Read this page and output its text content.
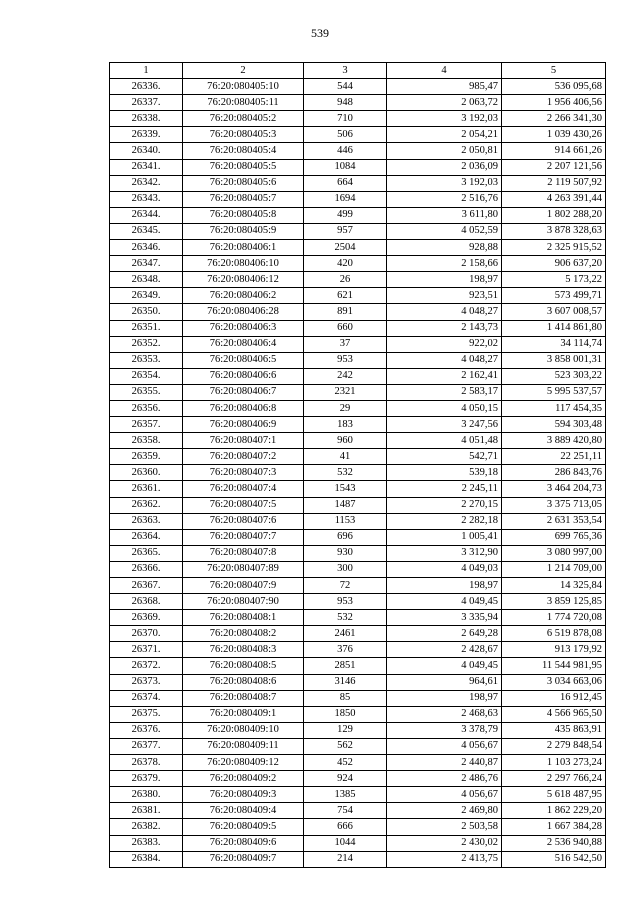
539
1	2	3	4	5
26336.	76:20:080405:10	544	985,47	536 095,68
26337.	76:20:080405:11	948	2 063,72	1 956 406,56
26338.	76:20:080405:2	710	3 192,03	2 266 341,30
26339.	76:20:080405:3	506	2 054,21	1 039 430,26
26340.	76:20:080405:4	446	2 050,81	914 661,26
26341.	76:20:080405:5	1084	2 036,09	2 207 121,56
26342.	76:20:080405:6	664	3 192,03	2 119 507,92
26343.	76:20:080405:7	1694	2 516,76	4 263 391,44
26344.	76:20:080405:8	499	3 611,80	1 802 288,20
26345.	76:20:080405:9	957	4 052,59	3 878 328,63
26346.	76:20:080406:1	2504	928,88	2 325 915,52
26347.	76:20:080406:10	420	2 158,66	906 637,20
26348.	76:20:080406:12	26	198,97	5 173,22
26349.	76:20:080406:2	621	923,51	573 499,71
26350.	76:20:080406:28	891	4 048,27	3 607 008,57
26351.	76:20:080406:3	660	2 143,73	1 414 861,80
26352.	76:20:080406:4	37	922,02	34 114,74
26353.	76:20:080406:5	953	4 048,27	3 858 001,31
26354.	76:20:080406:6	242	2 162,41	523 303,22
26355.	76:20:080406:7	2321	2 583,17	5 995 537,57
26356.	76:20:080406:8	29	4 050,15	117 454,35
26357.	76:20:080406:9	183	3 247,56	594 303,48
26358.	76:20:080407:1	960	4 051,48	3 889 420,80
26359.	76:20:080407:2	41	542,71	22 251,11
26360.	76:20:080407:3	532	539,18	286 843,76
26361.	76:20:080407:4	1543	2 245,11	3 464 204,73
26362.	76:20:080407:5	1487	2 270,15	3 375 713,05
26363.	76:20:080407:6	1153	2 282,18	2 631 353,54
26364.	76:20:080407:7	696	1 005,41	699 765,36
26365.	76:20:080407:8	930	3 312,90	3 080 997,00
26366.	76:20:080407:89	300	4 049,03	1 214 709,00
26367.	76:20:080407:9	72	198,97	14 325,84
26368.	76:20:080407:90	953	4 049,45	3 859 125,85
26369.	76:20:080408:1	532	3 335,94	1 774 720,08
26370.	76:20:080408:2	2461	2 649,28	6 519 878,08
26371.	76:20:080408:3	376	2 428,67	913 179,92
26372.	76:20:080408:5	2851	4 049,45	11 544 981,95
26373.	76:20:080408:6	3146	964,61	3 034 663,06
26374.	76:20:080408:7	85	198,97	16 912,45
26375.	76:20:080409:1	1850	2 468,63	4 566 965,50
26376.	76:20:080409:10	129	3 378,79	435 863,91
26377.	76:20:080409:11	562	4 056,67	2 279 848,54
26378.	76:20:080409:12	452	2 440,87	1 103 273,24
26379.	76:20:080409:2	924	2 486,76	2 297 766,24
26380.	76:20:080409:3	1385	4 056,67	5 618 487,95
26381.	76:20:080409:4	754	2 469,80	1 862 229,20
26382.	76:20:080409:5	666	2 503,58	1 667 384,28
26383.	76:20:080409:6	1044	2 430,02	2 536 940,88
26384.	76:20:080409:7	214	2 413,75	516 542,50
